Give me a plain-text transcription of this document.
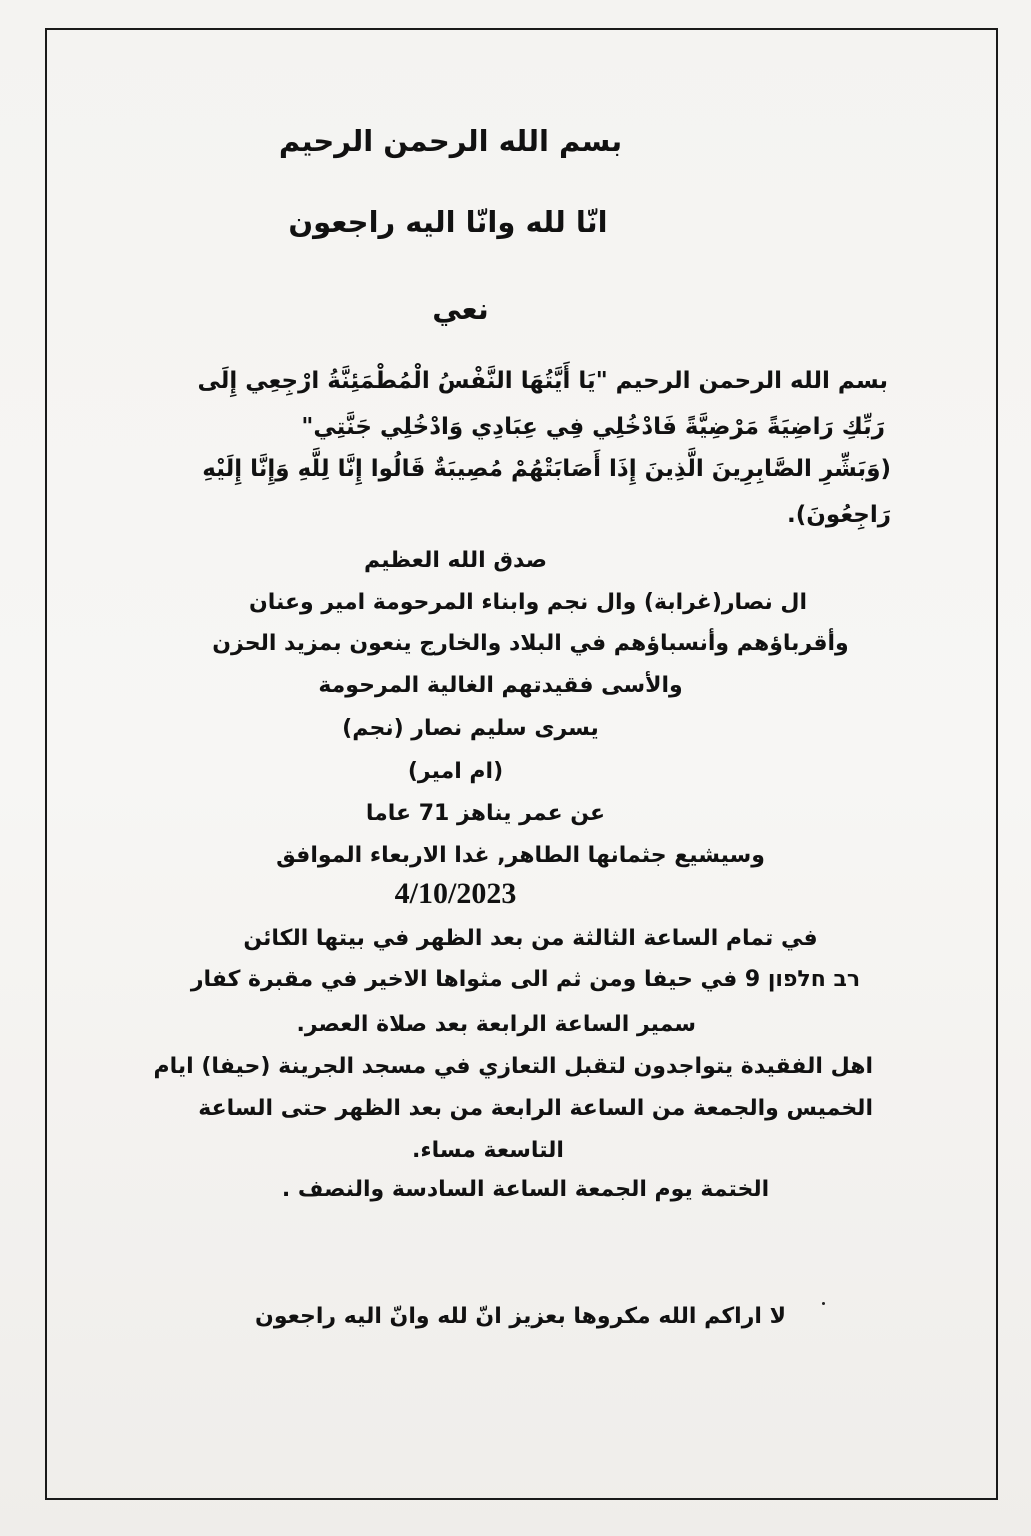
بسم الله الرحمن الرحيم
انّا لله وانّا اليه راجعون
نعي
بسم الله الرحمن الرحيم "يَا أَيَّتُهَا النَّفْسُ الْمُطْمَئِنَّةُ ارْجِعِي إِلَى
رَبِّكِ رَاضِيَةً مَرْضِيَّةً فَادْخُلِي فِي عِبَادِي وَادْخُلِي جَنَّتِي"
(وَبَشِّرِ الصَّابِرِينَ الَّذِينَ إِذَا أَصَابَتْهُمْ مُصِيبَةٌ قَالُوا إِنَّا لِلَّهِ وَإِنَّا إِلَيْهِ
رَاجِعُونَ).
صدق الله العظيم
ال نصار(غرابة) وال نجم وابناء المرحومة امير وعنان
وأقرباؤهم وأنسباؤهم في البلاد والخارج ينعون بمزيد الحزن
والأسى فقيدتهم الغالية المرحومة
يسرى سليم نصار (نجم)
(ام امير)
عن عمر يناهز 71 عاما
وسيشيع جثمانها الطاهر, غدا الاربعاء الموافق
4/10/2023
في تمام الساعة الثالثة من بعد الظهر في بيتها الكائن
רב חלפון 9 في حيفا ومن ثم الى مثواها الاخير في مقبرة كفار
سمير الساعة الرابعة بعد صلاة العصر.
اهل الفقيدة يتواجدون لتقبل التعازي في مسجد الجرينة (حيفا) ايام
الخميس والجمعة من الساعة الرابعة من بعد الظهر حتى الساعة
التاسعة مساء.
الختمة يوم الجمعة الساعة السادسة والنصف .
لا اراكم الله مكروها بعزيز انّ لله وانّ اليه راجعون
